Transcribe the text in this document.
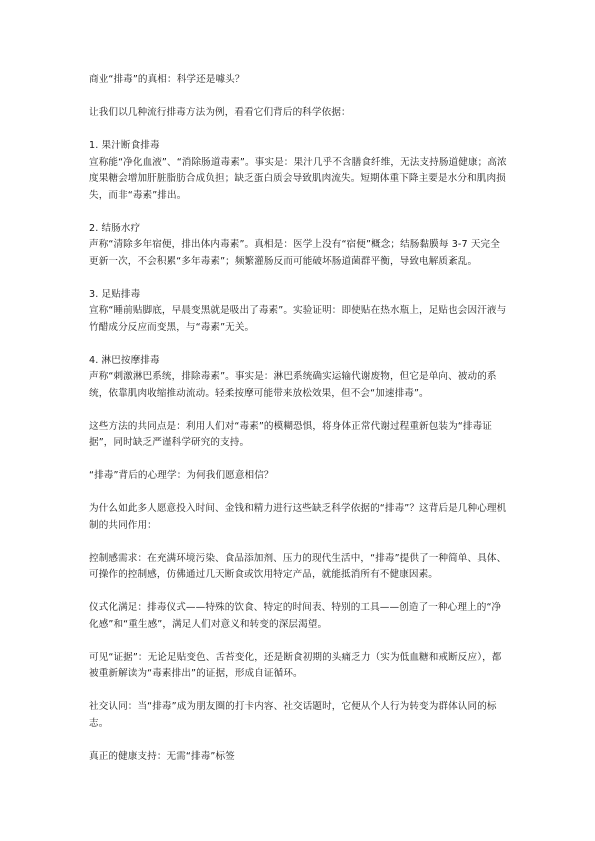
商业“排毒”的真相：科学还是噱头？

让我们以几种流行排毒方法为例，看看它们背后的科学依据：

1. 果汁断食排毒

宣称能“净化血液”、“消除肠道毒素”。事实是：果汁几乎不含膳食纤维，无法支持肠道健康；高浓度果糖会增加肝脏脂肪合成负担；缺乏蛋白质会导致肌肉流失。短期体重下降主要是水分和肌肉损失，而非“毒素”排出。

2. 结肠水疗

声称“清除多年宿便，排出体内毒素”。真相是：医学上没有“宿便”概念；结肠黏膜每 3-7 天完全更新一次，不会积累“多年毒素”；频繁灌肠反而可能破坏肠道菌群平衡，导致电解质紊乱。

3. 足贴排毒

宣称“睡前贴脚底，早晨变黑就是吸出了毒素”。实验证明：即使贴在热水瓶上，足贴也会因汗液与竹醋成分反应而变黑，与“毒素”无关。

4. 淋巴按摩排毒

声称“刺激淋巴系统，排除毒素”。事实是：淋巴系统确实运输代谢废物，但它是单向、被动的系统，依靠肌肉收缩推动流动。轻柔按摩可能带来放松效果，但不会“加速排毒”。

这些方法的共同点是：利用人们对“毒素”的模糊恐惧，将身体正常代谢过程重新包装为“排毒证据”，同时缺乏严谨科学研究的支持。

“排毒”背后的心理学：为何我们愿意相信？

为什么如此多人愿意投入时间、金钱和精力进行这些缺乏科学依据的“排毒”？这背后是几种心理机制的共同作用：

控制感需求：在充满环境污染、食品添加剂、压力的现代生活中，“排毒”提供了一种简单、具体、可操作的控制感，仿佛通过几天断食或饮用特定产品，就能抵消所有不健康因素。

仪式化满足：排毒仪式——特殊的饮食、特定的时间表、特别的工具——创造了一种心理上的“净化感”和“重生感”，满足人们对意义和转变的深层渴望。

可见“证据”：无论足贴变色、舌苔变化，还是断食初期的头痛乏力（实为低血糖和戒断反应），都被重新解读为“毒素排出”的证据，形成自证循环。

社交认同：当“排毒”成为朋友圈的打卡内容、社交话题时，它便从个人行为转变为群体认同的标志。

真正的健康支持：无需“排毒”标签
